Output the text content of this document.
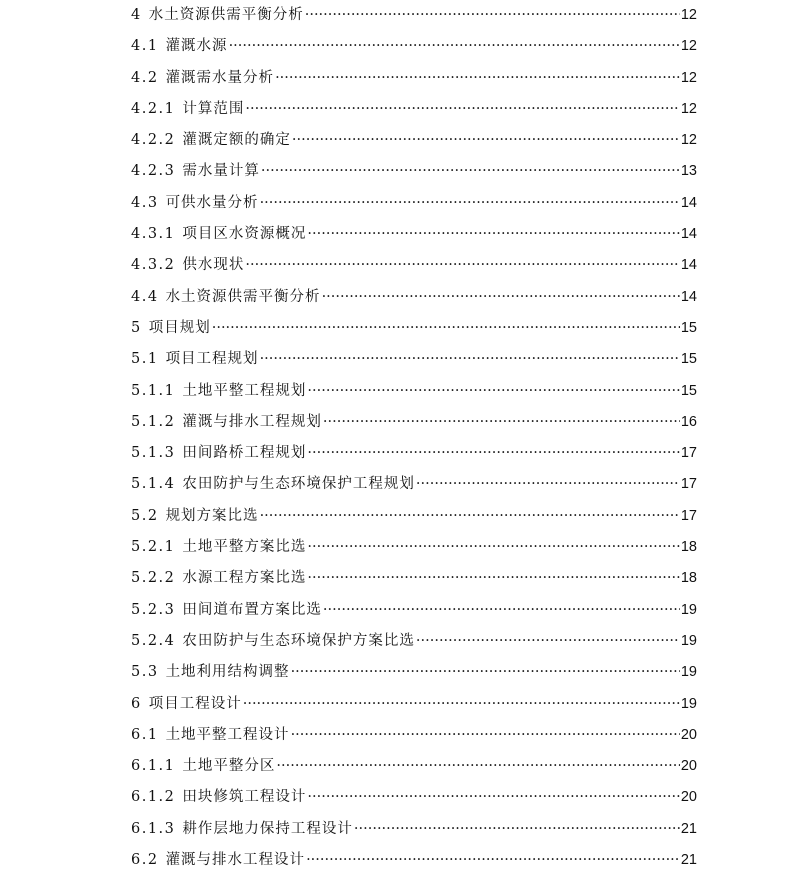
4 水土资源供需平衡分析 ·····	12
4.1 灌溉水源 ·····	12
4.2 灌溉需水量分析 ·····	12
4.2.1 计算范围 ·····	12
4.2.2 灌溉定额的确定 ·····	12
4.2.3 需水量计算 ·····	13
4.3 可供水量分析 ·····	14
4.3.1 项目区水资源概况 ·····	14
4.3.2 供水现状 ·····	14
4.4 水土资源供需平衡分析 ·····	14
5 项目规划 ·····	15
5.1 项目工程规划 ·····	15
5.1.1 土地平整工程规划 ·····	15
5.1.2 灌溉与排水工程规划 ·····	16
5.1.3 田间路桥工程规划 ·····	17
5.1.4 农田防护与生态环境保护工程规划 ·····	17
5.2 规划方案比选 ·····	17
5.2.1 土地平整方案比选 ·····	18
5.2.2 水源工程方案比选 ·····	18
5.2.3 田间道布置方案比选 ·····	19
5.2.4 农田防护与生态环境保护方案比选 ·····	19
5.3 土地利用结构调整 ·····	19
6 项目工程设计 ·····	19
6.1 土地平整工程设计 ·····	20
6.1.1 土地平整分区 ·····	20
6.1.2 田块修筑工程设计 ·····	20
6.1.3 耕作层地力保持工程设计 ·····	21
6.2 灌溉与排水工程设计 ·····	21
